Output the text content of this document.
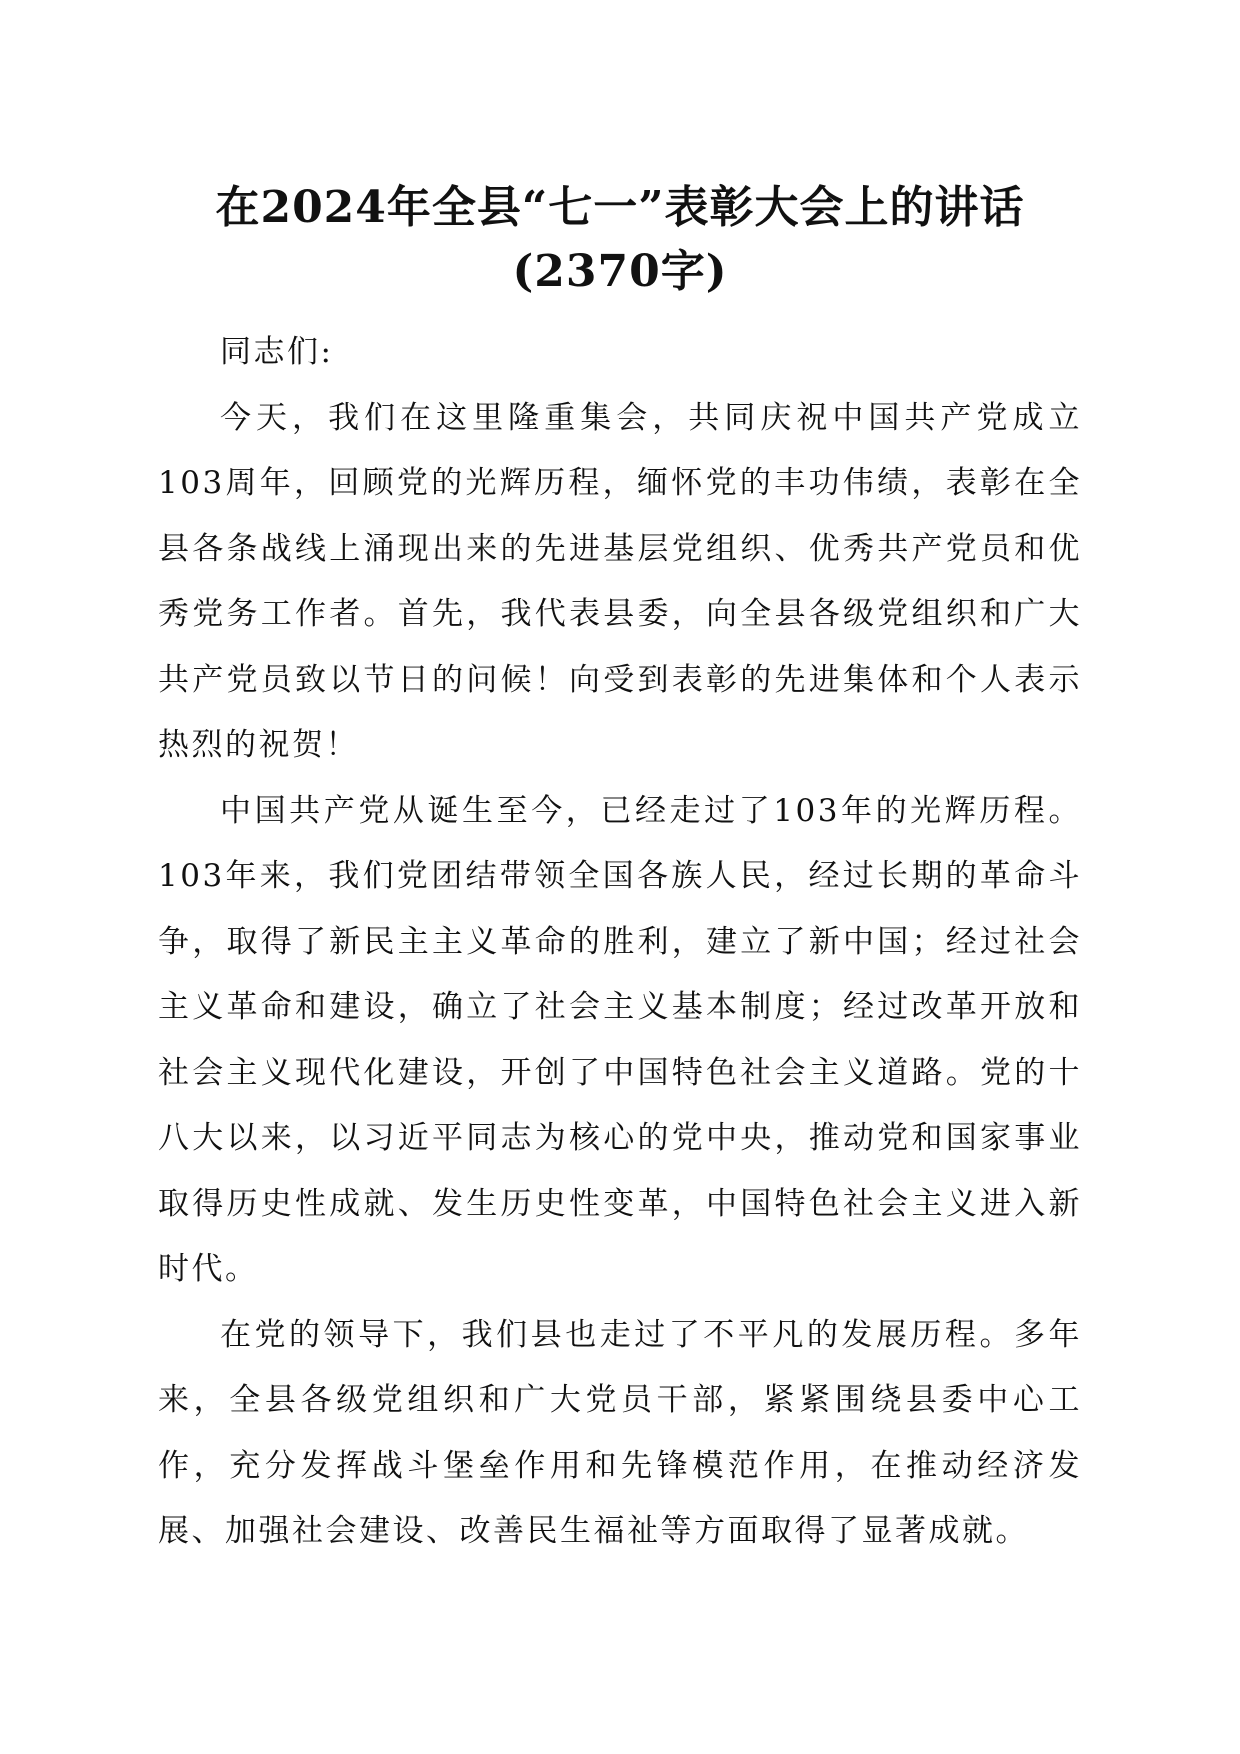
在2024年全县“七一”表彰大会上的讲话
(2370字)

同志们:

今天，我们在这里隆重集会，共同庆祝中国共产党成立103周年，回顾党的光辉历程，缅怀党的丰功伟绩，表彰在全县各条战线上涌现出来的先进基层党组织、优秀共产党员和优秀党务工作者。首先，我代表县委，向全县各级党组织和广大共产党员致以节日的问候！向受到表彰的先进集体和个人表示热烈的祝贺！

中国共产党从诞生至今，已经走过了103年的光辉历程。103年来，我们党团结带领全国各族人民，经过长期的革命斗争，取得了新民主主义革命的胜利，建立了新中国；经过社会主义革命和建设，确立了社会主义基本制度；经过改革开放和社会主义现代化建设，开创了中国特色社会主义道路。党的十八大以来，以习近平同志为核心的党中央，推动党和国家事业取得历史性成就、发生历史性变革，中国特色社会主义进入新时代。

在党的领导下，我们县也走过了不平凡的发展历程。多年来，全县各级党组织和广大党员干部，紧紧围绕县委中心工作，充分发挥战斗堡垒作用和先锋模范作用，在推动经济发展、加强社会建设、改善民生福祉等方面取得了显著成就。
